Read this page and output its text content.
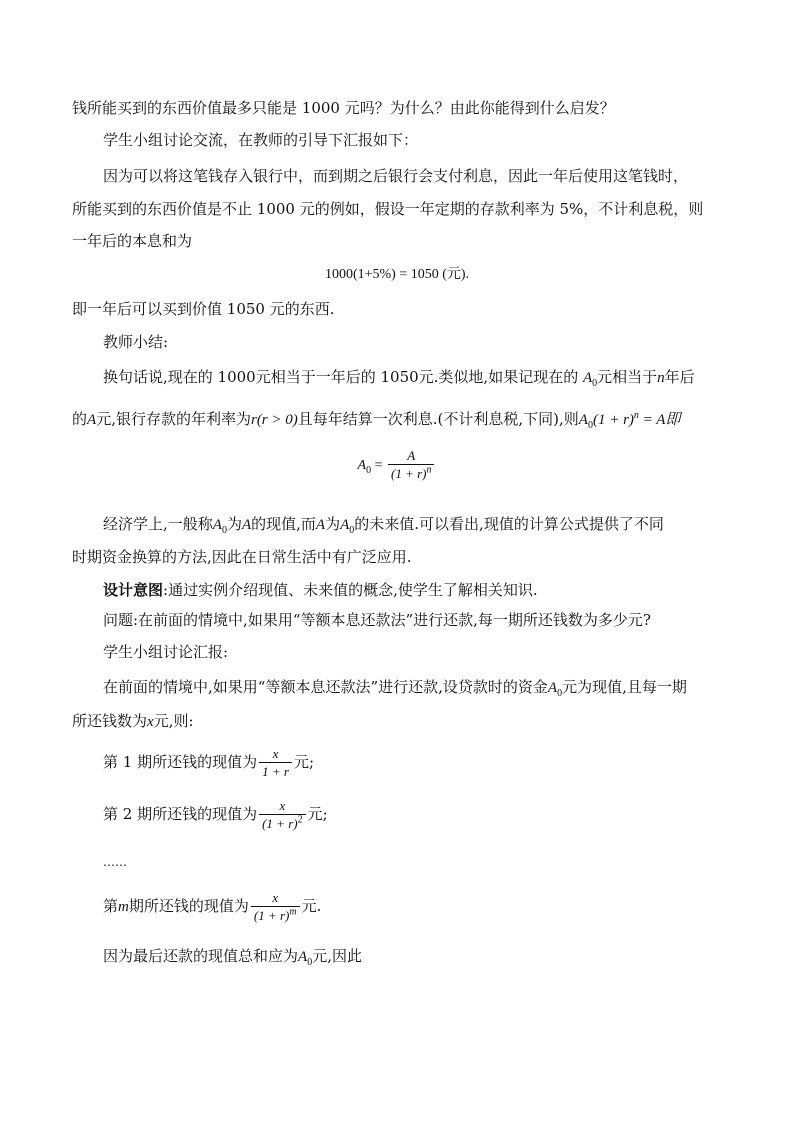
钱所能买到的东西价值最多只能是 1000 元吗？为什么？由此你能得到什么启发？
学生小组讨论交流，在教师的引导下汇报如下：
因为可以将这笔钱存入银行中，而到期之后银行会支付利息，因此一年后使用这笔钱时，
所能买到的东西价值是不止 1000 元的例如，假设一年定期的存款利率为 5%，不计利息税，则
一年后的本息和为
1000(1+5%) = 1050 (元).
即一年后可以买到价值 1050 元的东西.
教师小结:
换句话说,现在的 1000元相当于一年后的 1050元.类似地,如果记现在的 $A_0$元相当于n年后
的A元,银行存款的年利率为r(r > 0)且每年结算一次利息.(不计利息税,下同),则$A_0(1 + r)^n = A$即
$A_0 = \frac{A}{(1 + r)^n}$
经济学上,一般称$A_0$为A的现值,而A为$A_0$的未来值.可以看出,现值的计算公式提供了不同
时期资金换算的方法,因此在日常生活中有广泛应用.
设计意图:通过实例介绍现值、未来值的概念,使学生了解相关知识.
问题:在前面的情境中,如果用“等额本息还款法”进行还款,每一期所还钱数为多少元?
学生小组讨论汇报:
在前面的情境中,如果用“等额本息还款法”进行还款,设贷款时的资金$A_0$元为现值,且每一期
所还钱数为x元,则:
第 1 期所还钱的现值为 $\frac{x}{1 + r}$ 元;
第 2 期所还钱的现值为 $\frac{x}{(1 + r)^2}$ 元;
……
第m期所还钱的现值为 $\frac{x}{(1 + r)^m}$ 元.
因为最后还款的现值总和应为$A_0$元,因此
